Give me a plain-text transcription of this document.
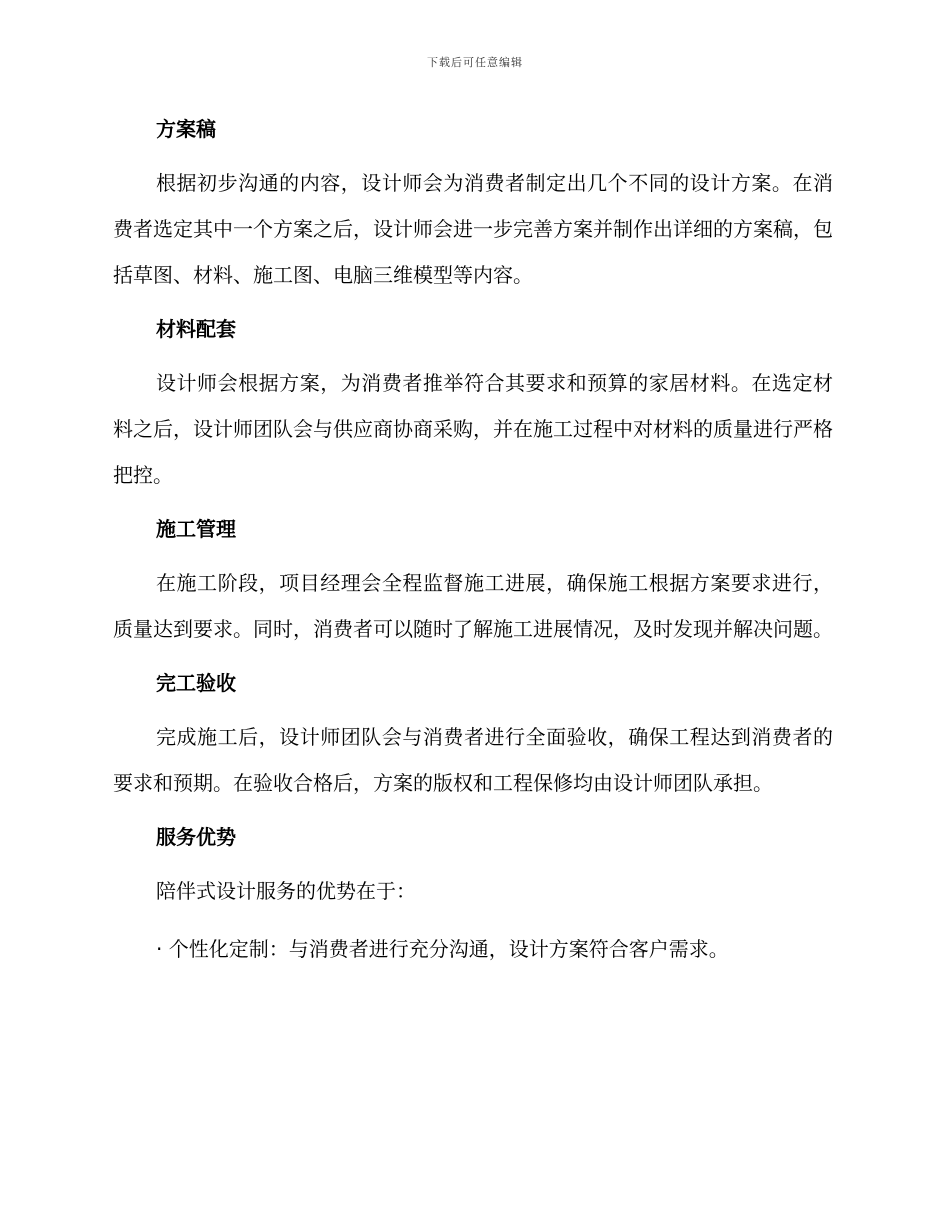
下载后可任意编辑
方案稿

根据初步沟通的内容，设计师会为消费者制定出几个不同的设计方案。在消费者选定其中一个方案之后，设计师会进一步完善方案并制作出详细的方案稿，包括草图、材料、施工图、电脑三维模型等内容。

材料配套

设计师会根据方案，为消费者推举符合其要求和预算的家居材料。在选定材料之后，设计师团队会与供应商协商采购，并在施工过程中对材料的质量进行严格把控。

施工管理

在施工阶段，项目经理会全程监督施工进展，确保施工根据方案要求进行，质量达到要求。同时，消费者可以随时了解施工进展情况，及时发现并解决问题。

完工验收

完成施工后，设计师团队会与消费者进行全面验收，确保工程达到消费者的要求和预期。在验收合格后，方案的版权和工程保修均由设计师团队承担。

服务优势

陪伴式设计服务的优势在于：

· 个性化定制：与消费者进行充分沟通，设计方案符合客户需求。
